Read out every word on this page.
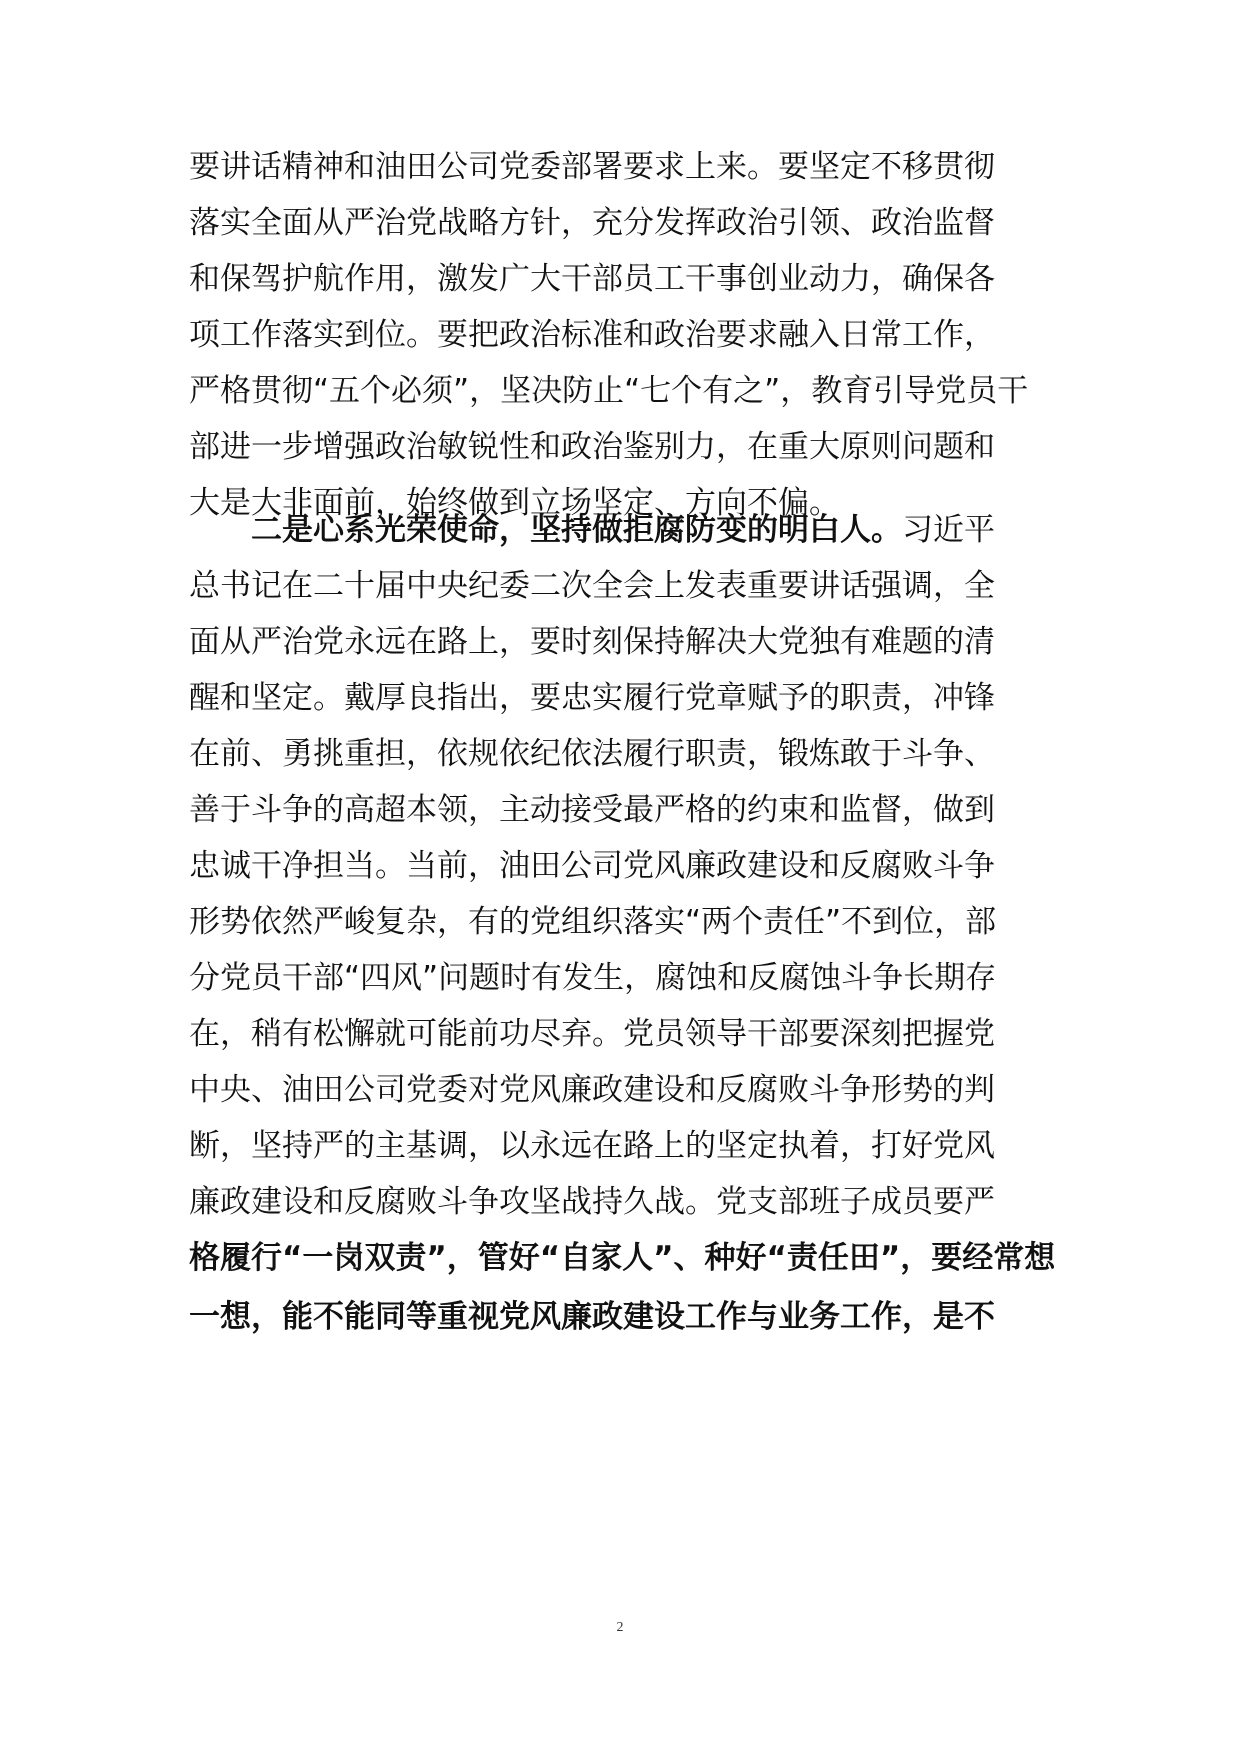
要讲话精神和油田公司党委部署要求上来。要坚定不移贯彻
落实全面从严治党战略方针，充分发挥政治引领、政治监督
和保驾护航作用，激发广大干部员工干事创业动力，确保各
项工作落实到位。要把政治标准和政治要求融入日常工作，
严格贯彻“五个必须”，坚决防止“七个有之”，教育引导党员干
部进一步增强政治敏锐性和政治鉴别力，在重大原则问题和
大是大非面前，始终做到立场坚定、方向不偏。
二是心系光荣使命，坚持做拒腐防变的明白人。习近平
总书记在二十届中央纪委二次全会上发表重要讲话强调，全
面从严治党永远在路上，要时刻保持解决大党独有难题的清
醒和坚定。戴厚良指出，要忠实履行党章赋予的职责，冲锋
在前、勇挑重担，依规依纪依法履行职责，锻炼敢于斗争、
善于斗争的高超本领，主动接受最严格的约束和监督，做到
忠诚干净担当。当前，油田公司党风廉政建设和反腐败斗争
形势依然严峻复杂，有的党组织落实“两个责任”不到位，部
分党员干部“四风”问题时有发生，腐蚀和反腐蚀斗争长期存
在，稍有松懈就可能前功尽弃。党员领导干部要深刻把握党
中央、油田公司党委对党风廉政建设和反腐败斗争形势的判
断，坚持严的主基调，以永远在路上的坚定执着，打好党风
廉政建设和反腐败斗争攻坚战持久战。党支部班子成员要严
格履行“一岗双责”，管好“自家人”、种好“责任田”，要经常想
一想，能不能同等重视党风廉政建设工作与业务工作，是不
2
